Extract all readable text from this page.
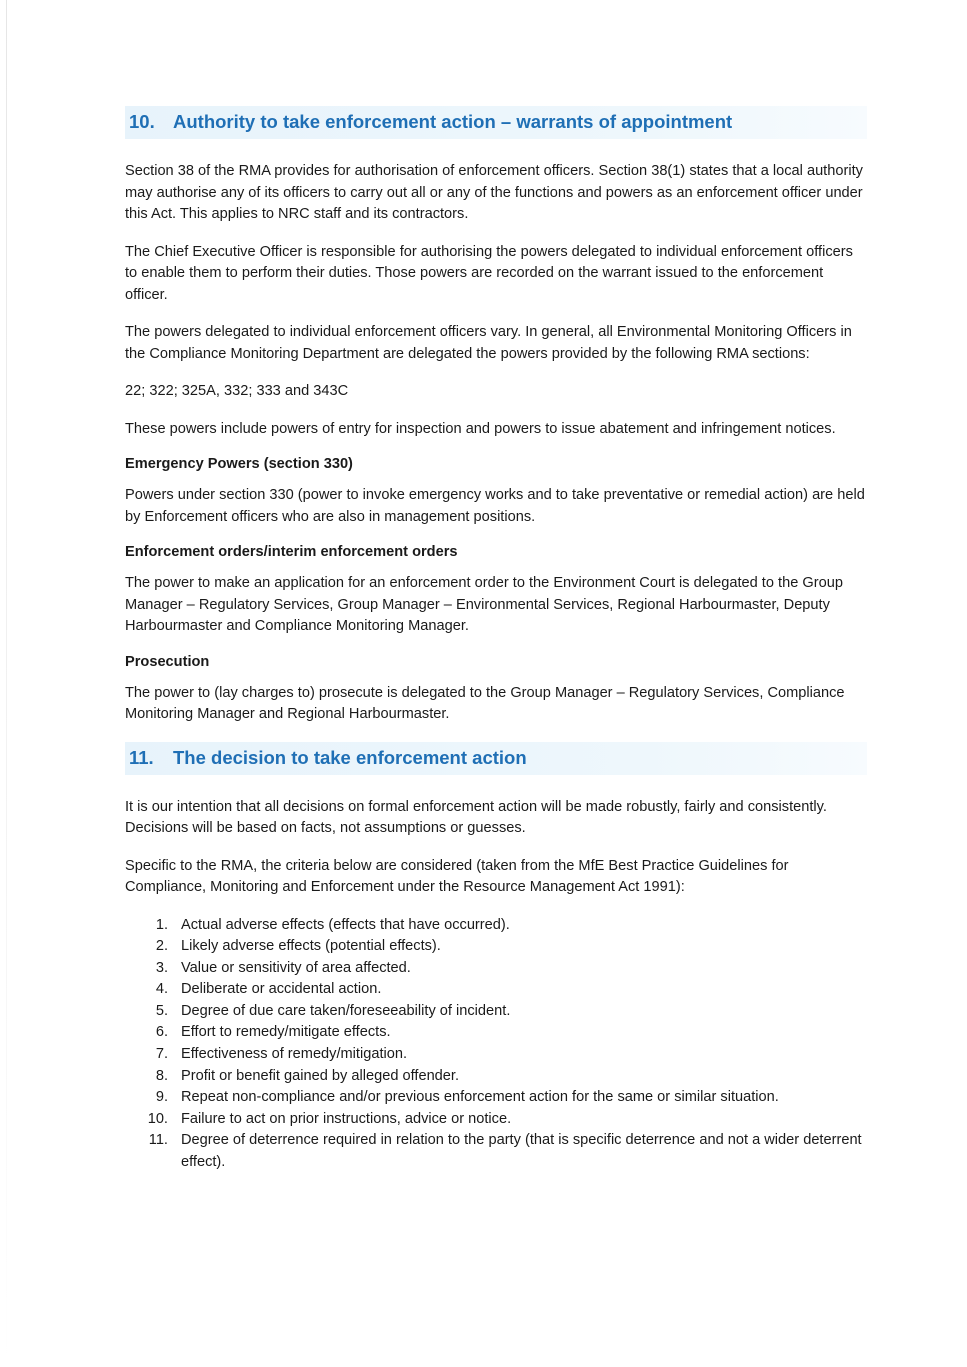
10. Authority to take enforcement action – warrants of appointment

Section 38 of the RMA provides for authorisation of enforcement officers. Section 38(1) states that a local authority may authorise any of its officers to carry out all or any of the functions and powers as an enforcement officer under this Act. This applies to NRC staff and its contractors.

The Chief Executive Officer is responsible for authorising the powers delegated to individual enforcement officers to enable them to perform their duties. Those powers are recorded on the warrant issued to the enforcement officer.

The powers delegated to individual enforcement officers vary. In general, all Environmental Monitoring Officers in the Compliance Monitoring Department are delegated the powers provided by the following RMA sections:

22; 322; 325A, 332; 333 and 343C

These powers include powers of entry for inspection and powers to issue abatement and infringement notices.

Emergency Powers (section 330)

Powers under section 330 (power to invoke emergency works and to take preventative or remedial action) are held by Enforcement officers who are also in management positions.

Enforcement orders/interim enforcement orders

The power to make an application for an enforcement order to the Environment Court is delegated to the Group Manager – Regulatory Services, Group Manager – Environmental Services, Regional Harbourmaster, Deputy Harbourmaster and Compliance Monitoring Manager.

Prosecution

The power to (lay charges to) prosecute is delegated to the Group Manager – Regulatory Services, Compliance Monitoring Manager and Regional Harbourmaster.

11. The decision to take enforcement action

It is our intention that all decisions on formal enforcement action will be made robustly, fairly and consistently. Decisions will be based on facts, not assumptions or guesses.

Specific to the RMA, the criteria below are considered (taken from the MfE Best Practice Guidelines for Compliance, Monitoring and Enforcement under the Resource Management Act 1991):

1. Actual adverse effects (effects that have occurred).
2. Likely adverse effects (potential effects).
3. Value or sensitivity of area affected.
4. Deliberate or accidental action.
5. Degree of due care taken/foreseeability of incident.
6. Effort to remedy/mitigate effects.
7. Effectiveness of remedy/mitigation.
8. Profit or benefit gained by alleged offender.
9. Repeat non-compliance and/or previous enforcement action for the same or similar situation.
10. Failure to act on prior instructions, advice or notice.
11. Degree of deterrence required in relation to the party (that is specific deterrence and not a wider deterrent effect).
